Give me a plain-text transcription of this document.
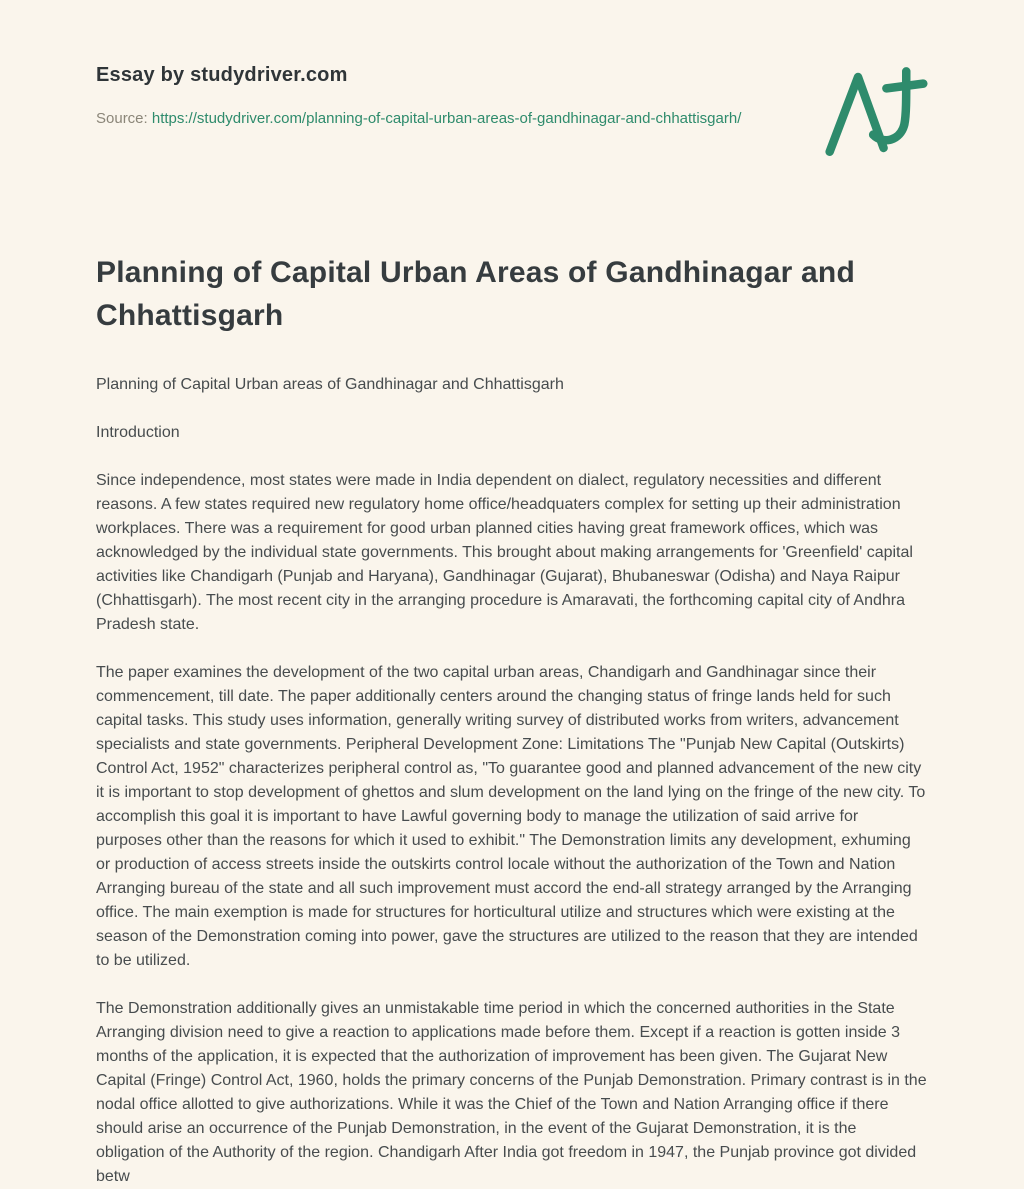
Essay by studydriver.com
Source: https://studydriver.com/planning-of-capital-urban-areas-of-gandhinagar-and-chhattisgarh/
Planning of Capital Urban Areas of Gandhinagar and Chhattisgarh
Planning of Capital Urban areas of Gandhinagar and Chhattisgarh
Introduction

Since independence, most states were made in India dependent on dialect, regulatory necessities and different reasons. A few states required new regulatory home office/headquaters complex for setting up their administration workplaces. There was a requirement for good urban planned cities having great framework offices, which was acknowledged by the individual state governments. This brought about making arrangements for 'Greenfield' capital activities like Chandigarh (Punjab and Haryana), Gandhinagar (Gujarat), Bhubaneswar (Odisha) and Naya Raipur (Chhattisgarh). The most recent city in the arranging procedure is Amaravati, the forthcoming capital city of Andhra Pradesh state.

The paper examines the development of the two capital urban areas, Chandigarh and Gandhinagar since their commencement, till date. The paper additionally centers around the changing status of fringe lands held for such capital tasks. This study uses information, generally writing survey of distributed works from writers, advancement specialists and state governments. Peripheral Development Zone: Limitations The "Punjab New Capital (Outskirts) Control Act, 1952" characterizes peripheral control as, "To guarantee good and planned advancement of the new city it is important to stop development of ghettos and slum development on the land lying on the fringe of the new city. To accomplish this goal it is important to have Lawful governing body to manage the utilization of said arrive for purposes other than the reasons for which it used to exhibit." The Demonstration limits any development, exhuming or production of access streets inside the outskirts control locale without the authorization of the Town and Nation Arranging bureau of the state and all such improvement must accord the end-all strategy arranged by the Arranging office. The main exemption is made for structures for horticultural utilize and structures which were existing at the season of the Demonstration coming into power, gave the structures are utilized to the reason that they are intended to be utilized.

The Demonstration additionally gives an unmistakable time period in which the concerned authorities in the State Arranging division need to give a reaction to applications made before them. Except if a reaction is gotten inside 3 months of the application, it is expected that the authorization of improvement has been given. The Gujarat New Capital (Fringe) Control Act, 1960, holds the primary concerns of the Punjab Demonstration. Primary contrast is in the nodal office allotted to give authorizations. While it was the Chief of the Town and Nation Arranging office if there should arise an occurrence of the Punjab Demonstration, in the event of the Gujarat Demonstration, it is the obligation of the Authority of the region. Chandigarh After India got freedom in 1947, the Punjab province got divided betw
